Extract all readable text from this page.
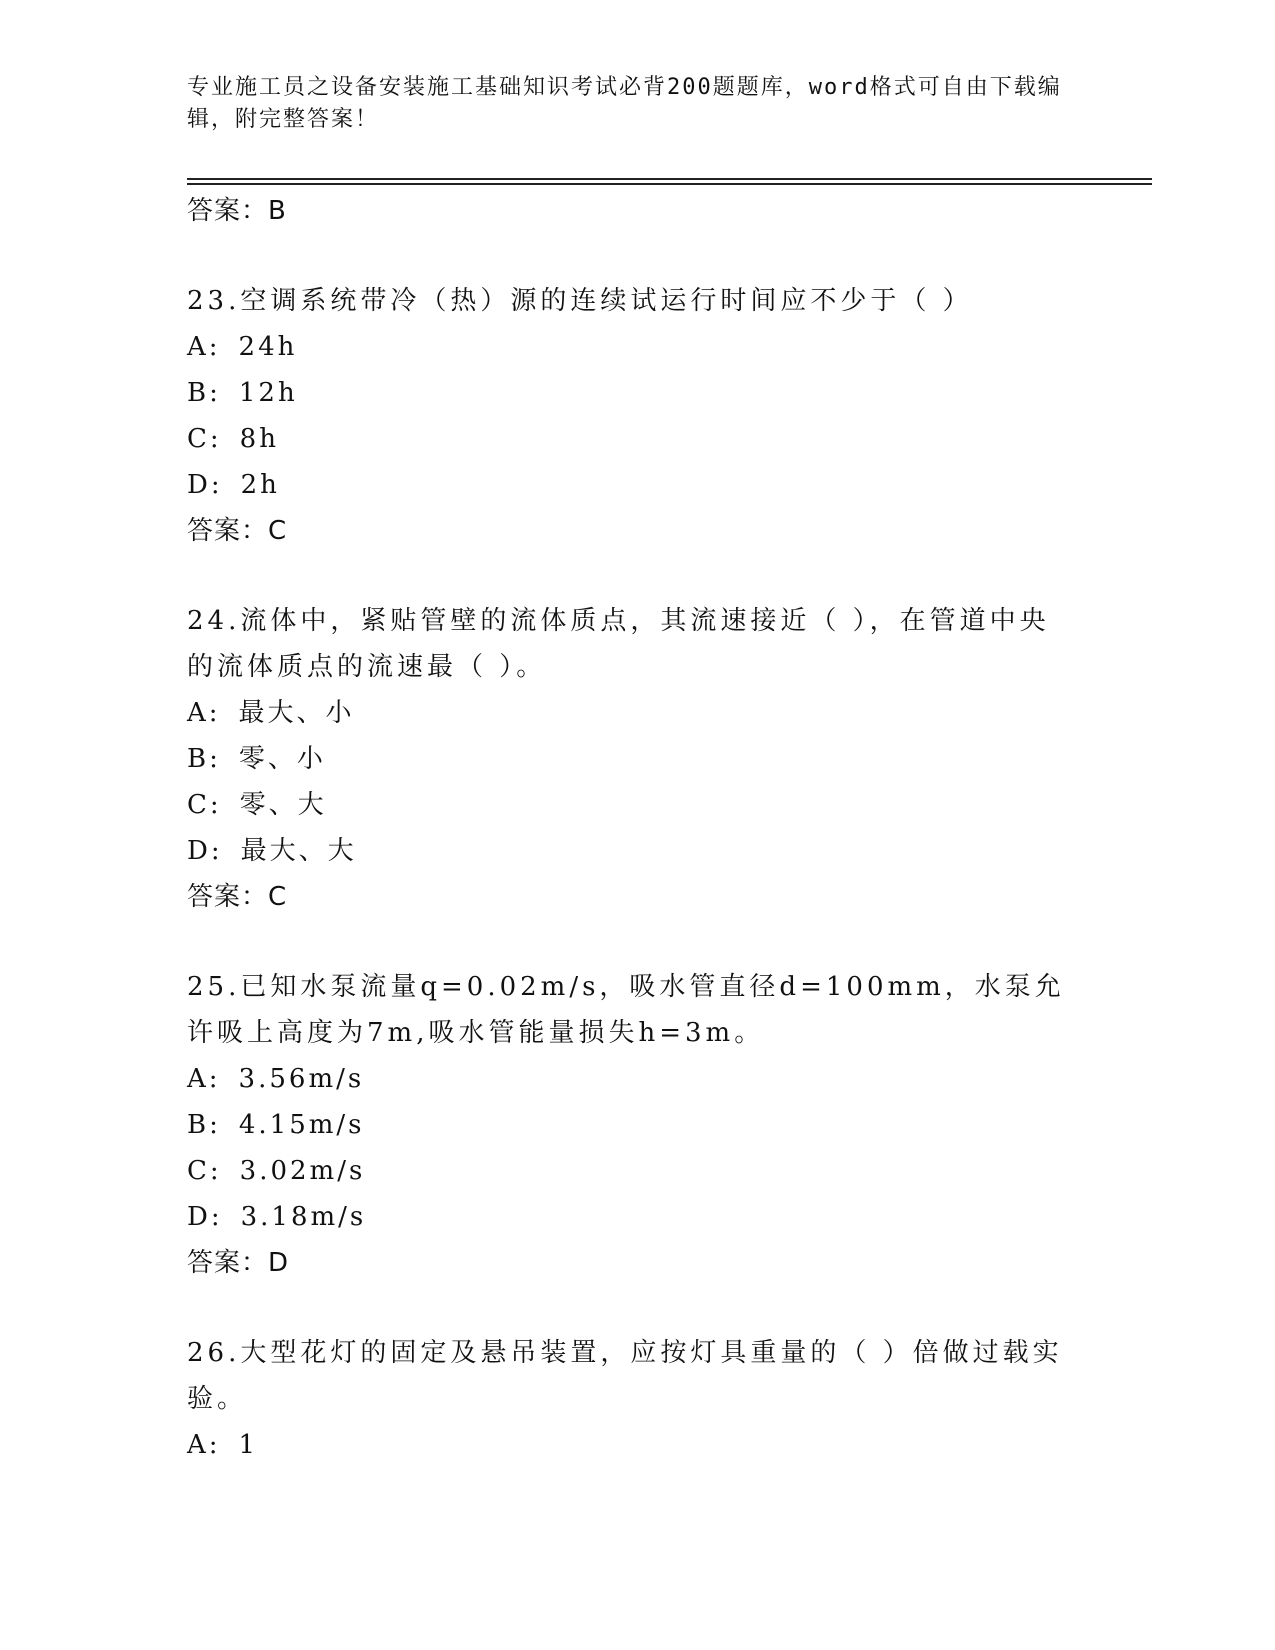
专业施工员之设备安装施工基础知识考试必背200题题库，word格式可自由下载编辑，附完整答案！

答案：B

23.空调系统带冷（热）源的连续试运行时间应不少于（ ）

A: 24h

B: 12h

C: 8h

D: 2h

答案：C

24.流体中，紧贴管壁的流体质点，其流速接近（ ），在管道中央的流体质点的流速最（ ）。

A: 最大、小

B: 零、小

C: 零、大

D: 最大、大

答案：C

25.已知水泵流量q=0.02m/s，吸水管直径d=100mm，水泵允许吸上高度为7m,吸水管能量损失h=3m。

A: 3.56m/s

B: 4.15m/s

C: 3.02m/s

D: 3.18m/s

答案：D

26.大型花灯的固定及悬吊装置，应按灯具重量的（ ）倍做过载实验。

A: 1
